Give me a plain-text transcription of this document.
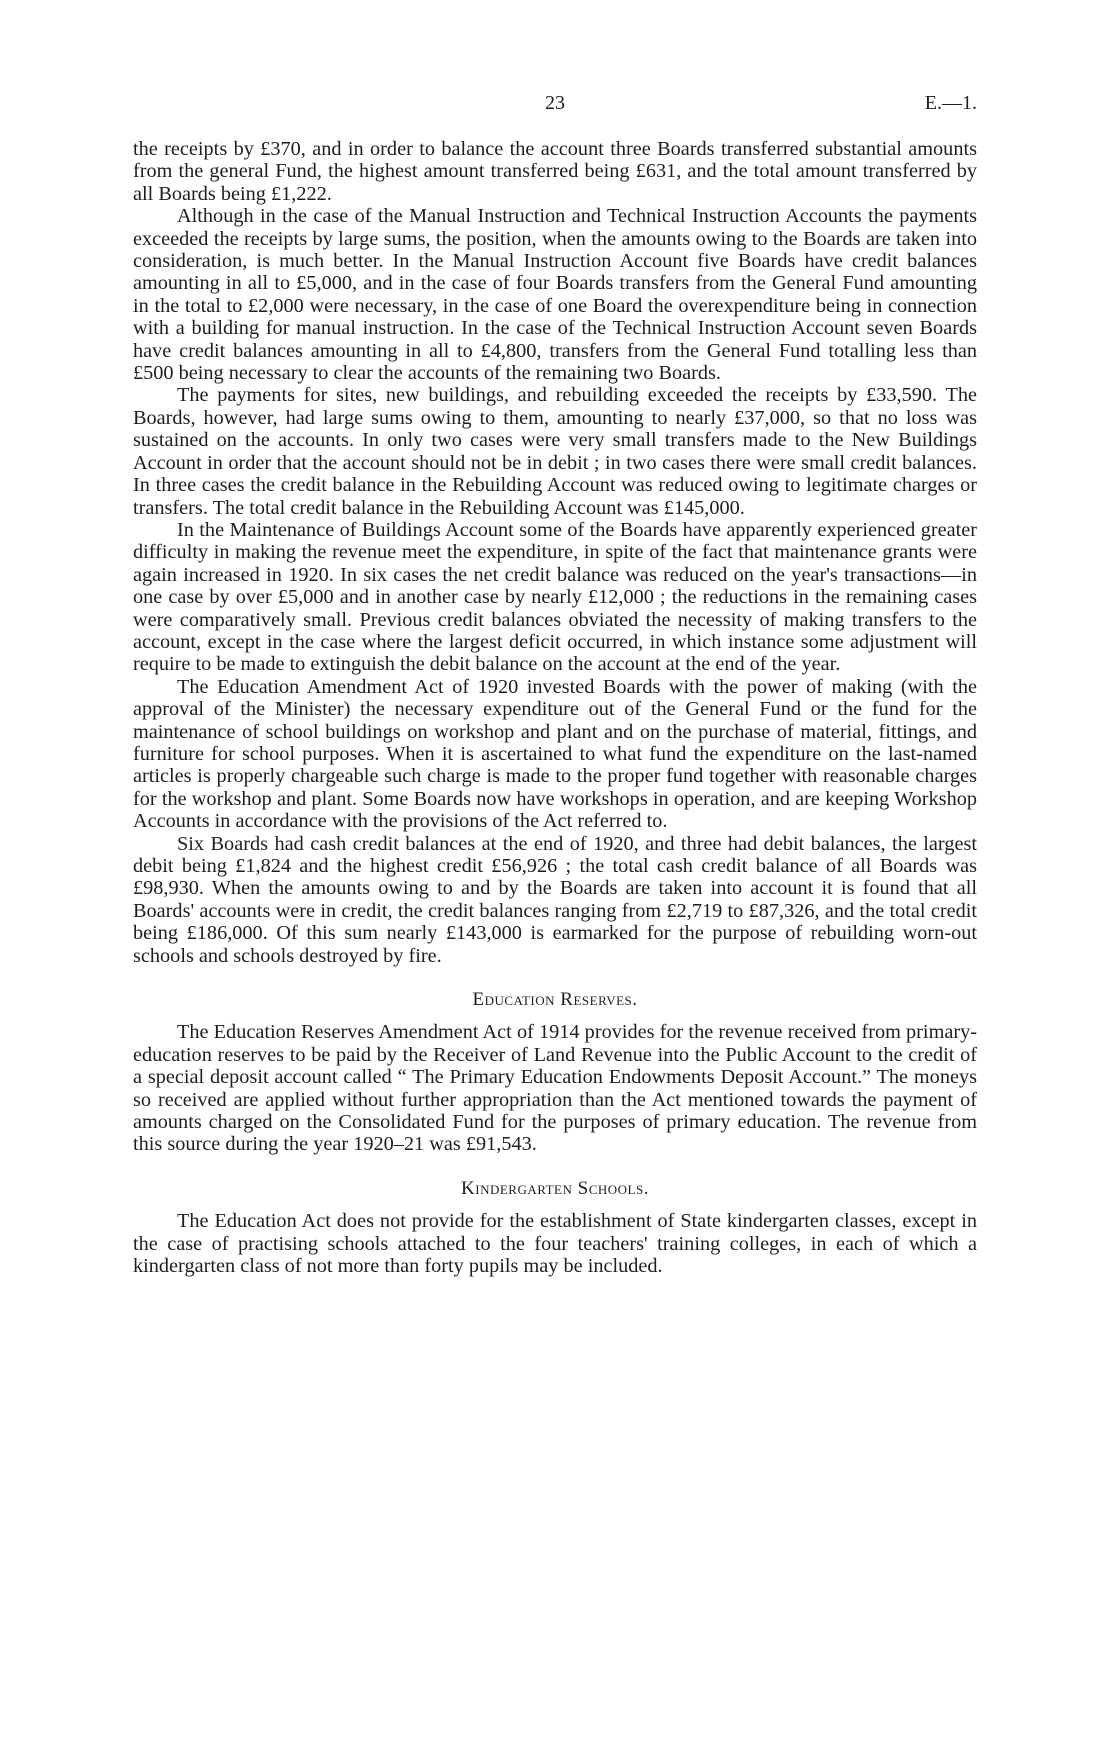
23	E.—1.

the receipts by £370, and in order to balance the account three Boards transferred substantial amounts from the general Fund, the highest amount transferred being £631, and the total amount transferred by all Boards being £1,222.

Although in the case of the Manual Instruction and Technical Instruction Accounts the payments exceeded the receipts by large sums, the position, when the amounts owing to the Boards are taken into consideration, is much better. In the Manual Instruction Account five Boards have credit balances amounting in all to £5,000, and in the case of four Boards transfers from the General Fund amounting in the total to £2,000 were necessary, in the case of one Board the overexpenditure being in connection with a building for manual instruction. In the case of the Technical Instruction Account seven Boards have credit balances amounting in all to £4,800, transfers from the General Fund totalling less than £500 being necessary to clear the accounts of the remaining two Boards.

The payments for sites, new buildings, and rebuilding exceeded the receipts by £33,590. The Boards, however, had large sums owing to them, amounting to nearly £37,000, so that no loss was sustained on the accounts. In only two cases were very small transfers made to the New Buildings Account in order that the account should not be in debit ; in two cases there were small credit balances. In three cases the credit balance in the Rebuilding Account was reduced owing to legitimate charges or transfers. The total credit balance in the Rebuilding Account was £145,000.

In the Maintenance of Buildings Account some of the Boards have apparently experienced greater difficulty in making the revenue meet the expenditure, in spite of the fact that maintenance grants were again increased in 1920. In six cases the net credit balance was reduced on the year's transactions—in one case by over £5,000 and in another case by nearly £12,000 ; the reductions in the remaining cases were comparatively small. Previous credit balances obviated the necessity of making transfers to the account, except in the case where the largest deficit occurred, in which instance some adjustment will require to be made to extinguish the debit balance on the account at the end of the year.

The Education Amendment Act of 1920 invested Boards with the power of making (with the approval of the Minister) the necessary expenditure out of the General Fund or the fund for the maintenance of school buildings on workshop and plant and on the purchase of material, fittings, and furniture for school purposes. When it is ascertained to what fund the expenditure on the last-named articles is properly chargeable such charge is made to the proper fund together with reasonable charges for the workshop and plant. Some Boards now have workshops in operation, and are keeping Workshop Accounts in accordance with the provisions of the Act referred to.

Six Boards had cash credit balances at the end of 1920, and three had debit balances, the largest debit being £1,824 and the highest credit £56,926 ; the total cash credit balance of all Boards was £98,930. When the amounts owing to and by the Boards are taken into account it is found that all Boards' accounts were in credit, the credit balances ranging from £2,719 to £87,326, and the total credit being £186,000. Of this sum nearly £143,000 is earmarked for the purpose of rebuilding worn-out schools and schools destroyed by fire.

Education Reserves.

The Education Reserves Amendment Act of 1914 provides for the revenue received from primary-education reserves to be paid by the Receiver of Land Revenue into the Public Account to the credit of a special deposit account called “ The Primary Education Endowments Deposit Account.” The moneys so received are applied without further appropriation than the Act mentioned towards the payment of amounts charged on the Consolidated Fund for the purposes of primary education. The revenue from this source during the year 1920–21 was £91,543.

Kindergarten Schools.

The Education Act does not provide for the establishment of State kindergarten classes, except in the case of practising schools attached to the four teachers' training colleges, in each of which a kindergarten class of not more than forty pupils may be included.
